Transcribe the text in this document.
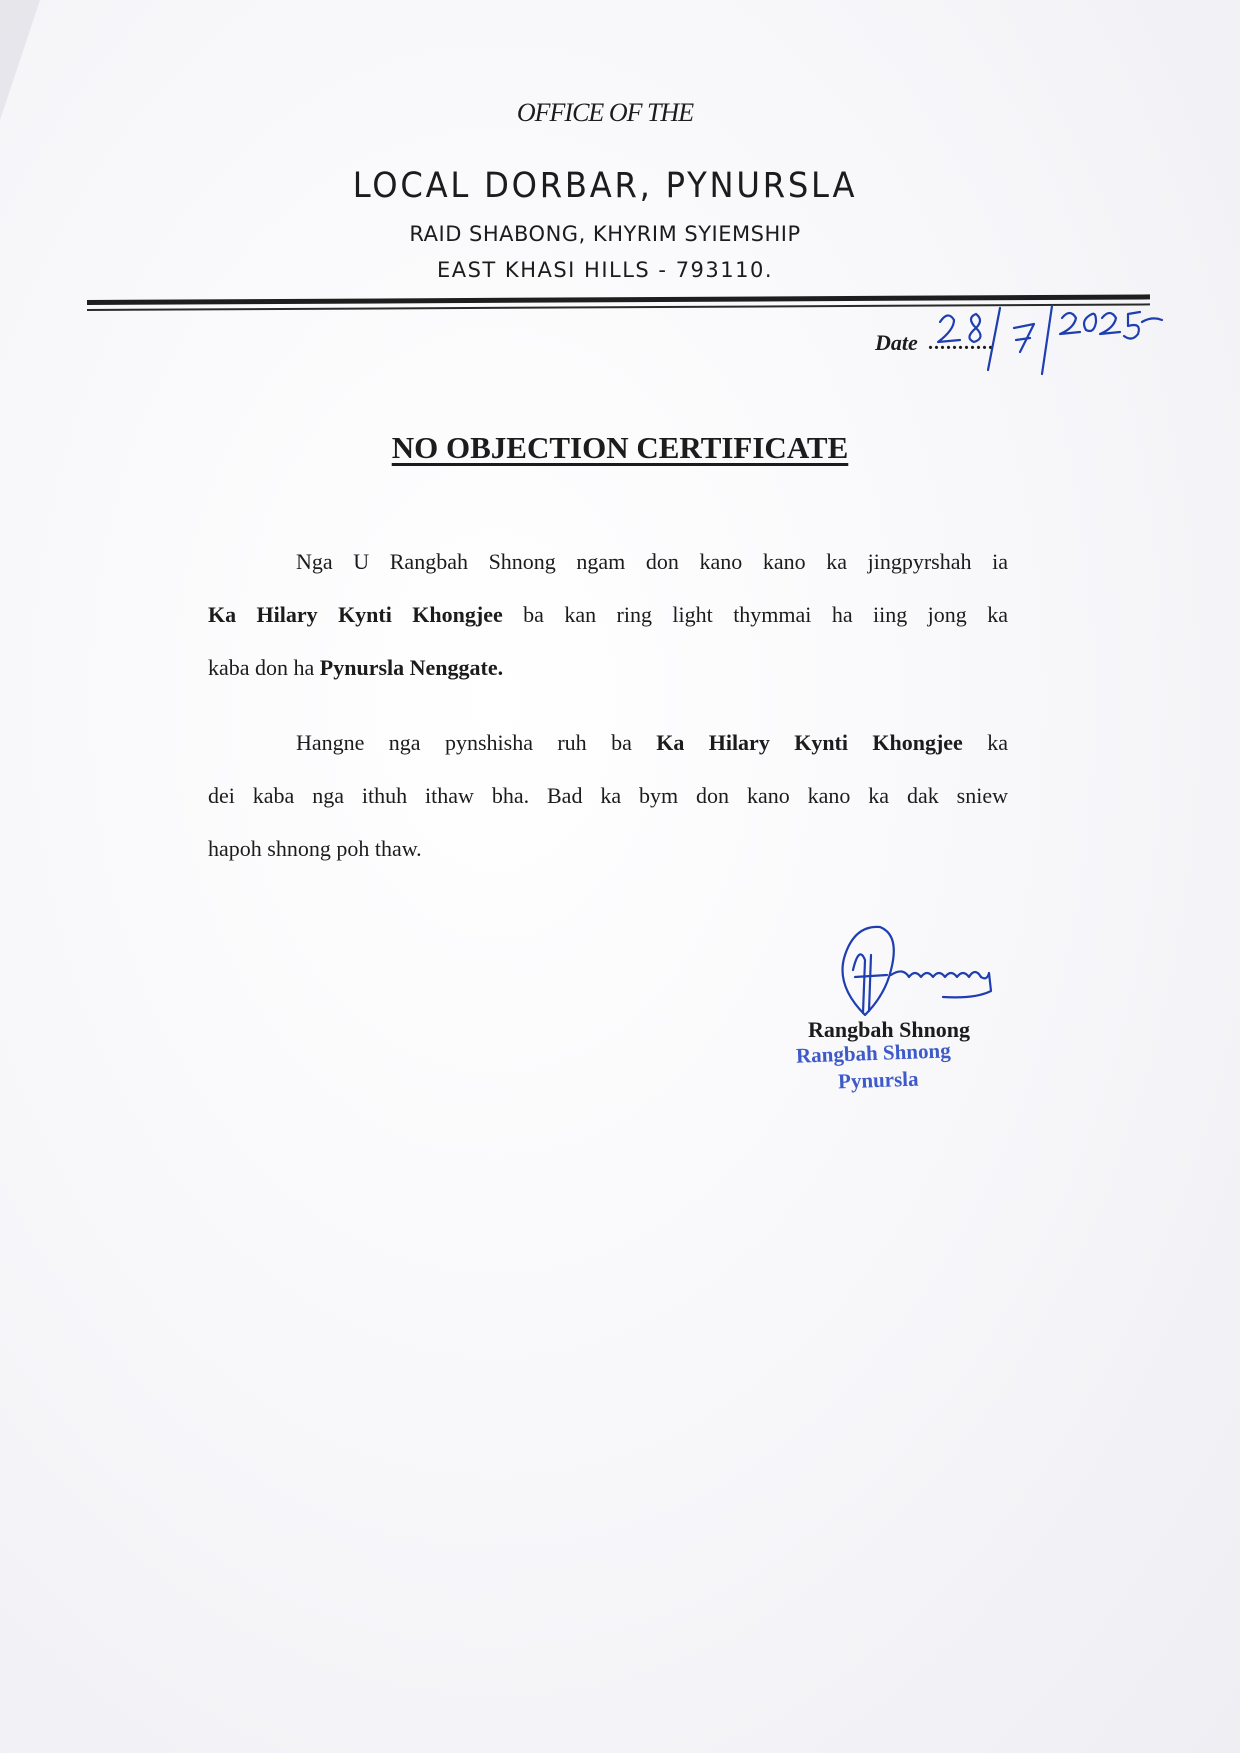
OFFICE OF THE
LOCAL DORBAR, PYNURSLA
RAID SHABONG, KHYRIM SYIEMSHIP
EAST KHASI HILLS - 793110.
Date ...........
NO OBJECTION CERTIFICATE
Nga U Rangbah Shnong ngam don kano kano ka jingpyrshah ia
Ka Hilary Kynti Khongjee ba kan ring light thymmai ha iing jong ka
kaba don ha Pynursla Nenggate.
Hangne nga pynshisha ruh ba Ka Hilary Kynti Khongjee ka
dei kaba nga ithuh ithaw bha. Bad ka bym don kano kano ka dak sniew
hapoh shnong poh thaw.
Rangbah Shnong
Rangbah Shnong
Pynursla
